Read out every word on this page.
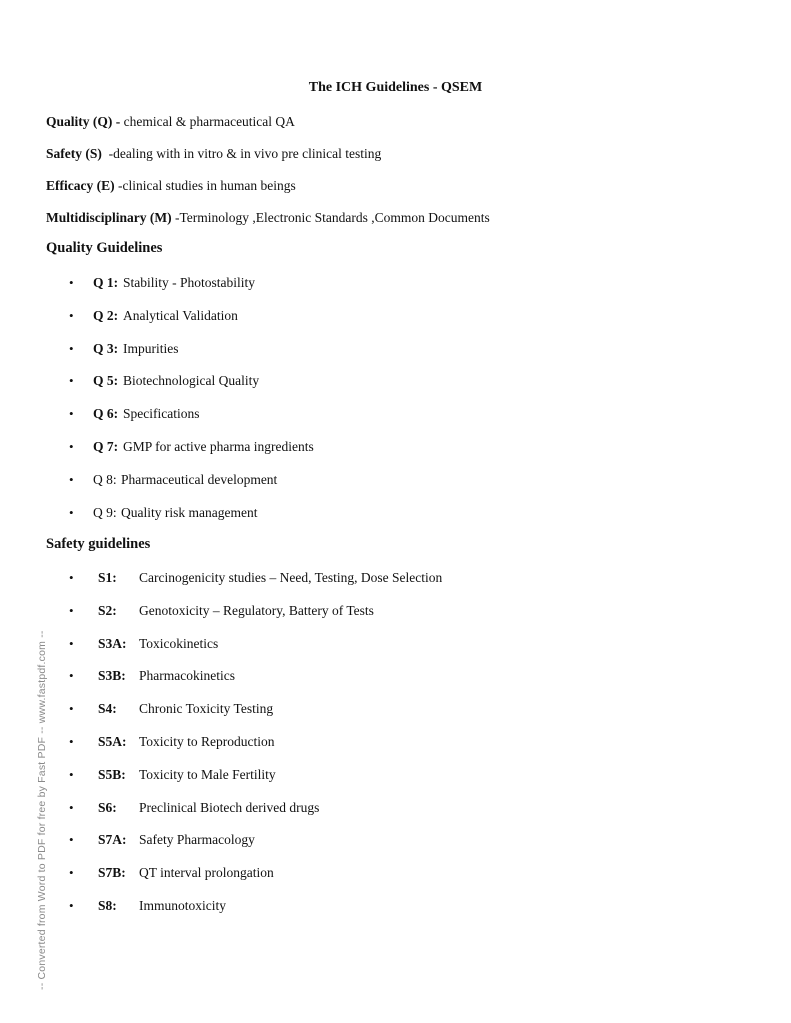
The ICH Guidelines - QSEM
Quality (Q) - chemical & pharmaceutical QA
Safety (S)  -dealing with in vitro & in vivo pre clinical testing
Efficacy (E) -clinical studies in human beings
Multidisciplinary (M) -Terminology ,Electronic Standards ,Common Documents
Quality Guidelines
• Q 1: Stability - Photostability
• Q 2: Analytical Validation
• Q 3: Impurities
• Q 5: Biotechnological Quality
• Q 6: Specifications
• Q 7: GMP for active pharma ingredients
• Q 8: Pharmaceutical development
• Q 9: Quality risk management
Safety guidelines
• S1: Carcinogenicity studies – Need, Testing, Dose Selection
• S2: Genotoxicity – Regulatory, Battery of Tests
• S3A: Toxicokinetics
• S3B: Pharmacokinetics
• S4: Chronic Toxicity Testing
• S5A: Toxicity to Reproduction
• S5B: Toxicity to Male Fertility
• S6: Preclinical Biotech derived drugs
• S7A: Safety Pharmacology
• S7B: QT interval prolongation
• S8: Immunotoxicity
-- Converted from Word to PDF for free by Fast PDF -- www.fastpdf.com --
